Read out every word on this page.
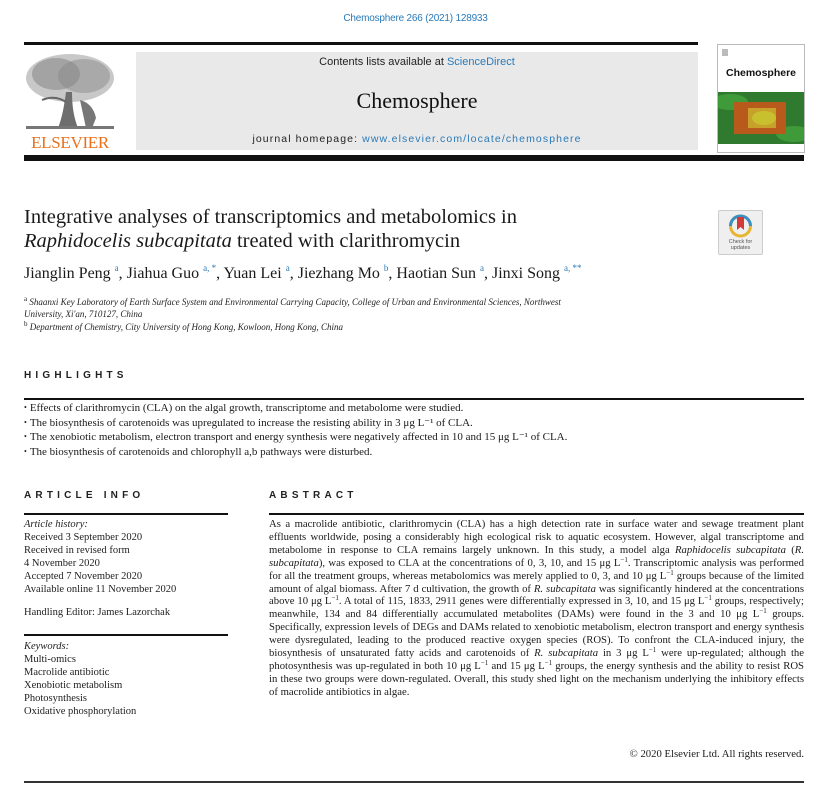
Chemosphere 266 (2021) 128933
ELSEVIER
Contents lists available at ScienceDirect
Chemosphere
journal homepage: www.elsevier.com/locate/chemosphere
Chemosphere
Integrative analyses of transcriptomics and metabolomics in
Raphidocelis subcapitata treated with clarithromycin	Check for updates
Jianglin Peng $^a$, Jiahua Guo $^{a, *}$, Yuan Lei $^a$, Jiezhang Mo $^b$, Haotian Sun $^a$, Jinxi Song $^{a, **}$
$^a$ Shaanxi Key Laboratory of Earth Surface System and Environmental Carrying Capacity, College of Urban and Environmental Sciences, Northwest
University, Xi'an, 710127, China
$^b$ Department of Chemistry, City University of Hong Kong, Kowloon, Hong Kong, China
HIGHLIGHTS
• Effects of clarithromycin (CLA) on the algal growth, transcriptome and metabolome were studied.
• The biosynthesis of carotenoids was upregulated to increase the resisting ability in 3 μg L⁻¹ of CLA.
• The xenobiotic metabolism, electron transport and energy synthesis were negatively affected in 10 and 15 μg L⁻¹ of CLA.
• The biosynthesis of carotenoids and chlorophyll a,b pathways were disturbed.
ARTICLE INFO
Article history:
Received 3 September 2020
Received in revised form
4 November 2020
Accepted 7 November 2020
Available online 11 November 2020
Handling Editor: James Lazorchak
Keywords:
Multi-omics
Macrolide antibiotic
Xenobiotic metabolism
Photosynthesis
Oxidative phosphorylation
ABSTRACT
As a macrolide antibiotic, clarithromycin (CLA) has a high detection rate in surface water and sewage treatment plant effluents worldwide, posing a considerably high ecological risk to aquatic ecosystem. However, algal transcriptome and metabolome in response to CLA remains largely unknown. In this study, a model alga Raphidocelis subcapitata (R. subcapitata), was exposed to CLA at the concentrations of 0, 3, 10, and 15 μg $L^{-1}$. Transcriptomic analysis was performed for all the treatment groups, whereas metabolomics was merely applied to 0, 3, and 10 μg $L^{-1}$ groups because of the limited amount of algal biomass. After 7 d cultivation, the growth of R. subcapitata was significantly hindered at the concentrations above 10 μg $L^{-1}$. A total of 115, 1833, 2911 genes were differentially expressed in 3, 10, and 15 μg $L^{-1}$ groups, respectively; meanwhile, 134 and 84 differentially accumulated metabolites (DAMs) were found in the 3 and 10 μg $L^{-1}$ groups. Specifically, expression levels of DEGs and DAMs related to xenobiotic metabolism, electron transport and energy synthesis were dysregulated, leading to the produced reactive oxygen species (ROS). To confront the CLA-induced injury, the biosynthesis of unsaturated fatty acids and carotenoids of R. subcapitata in 3 μg $L^{-1}$ were up-regulated; although the photosynthesis was up-regulated in both 10 μg $L^{-1}$ and 15 μg $L^{-1}$ groups, the energy synthesis and the ability to resist ROS in these two groups were down-regulated. Overall, this study shed light on the mechanism underlying the inhibitory effects of macrolide antibiotics in algae.
© 2020 Elsevier Ltd. All rights reserved.
